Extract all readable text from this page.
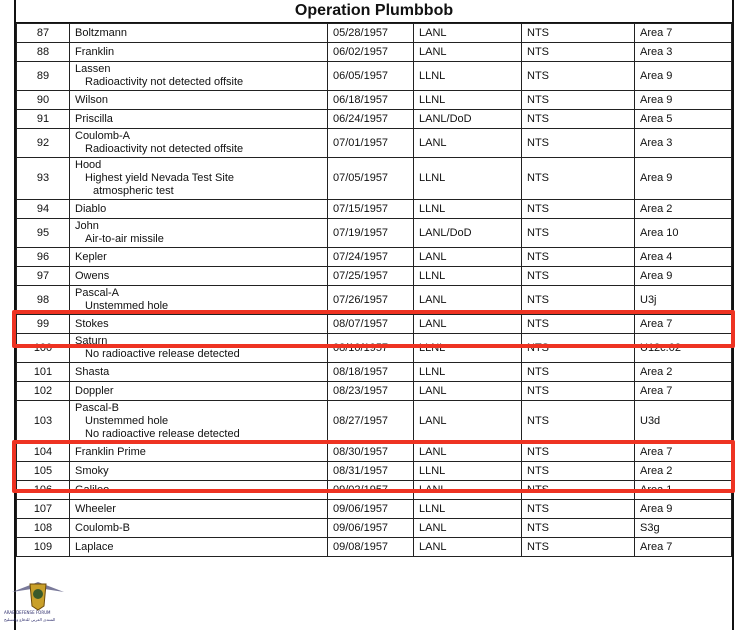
Operation Plumbbob
87	Boltzmann	05/28/1957	LANL	NTS	Area 7
88	Franklin	06/02/1957	LANL	NTS	Area 3
89	Lassen
Radioactivity not detected offsite	06/05/1957	LLNL	NTS	Area 9
90	Wilson	06/18/1957	LLNL	NTS	Area 9
91	Priscilla	06/24/1957	LANL/DoD	NTS	Area 5
92	Coulomb-A
Radioactivity not detected offsite	07/01/1957	LANL	NTS	Area 3
93	Hood
Highest yield Nevada Test Site
atmospheric test	07/05/1957	LLNL	NTS	Area 9
94	Diablo	07/15/1957	LLNL	NTS	Area 2
95	John
Air-to-air missile	07/19/1957	LANL/DoD	NTS	Area 10
96	Kepler	07/24/1957	LANL	NTS	Area 4
97	Owens	07/25/1957	LLNL	NTS	Area 9
98	Pascal-A
Unstemmed hole	07/26/1957	LANL	NTS	U3j
99	Stokes	08/07/1957	LANL	NTS	Area 7
100	Saturn
No radioactive release detected	08/10/1957	LLNL	NTS	U12c.02
101	Shasta	08/18/1957	LLNL	NTS	Area 2
102	Doppler	08/23/1957	LANL	NTS	Area 7
103	Pascal-B
Unstemmed hole
No radioactive release detected	08/27/1957	LANL	NTS	U3d
104	Franklin Prime	08/30/1957	LANL	NTS	Area 7
105	Smoky	08/31/1957	LLNL	NTS	Area 2
106	Galileo	09/02/1957	LANL	NTS	Area 1
107	Wheeler	09/06/1957	LLNL	NTS	Area 9
108	Coulomb-B	09/06/1957	LANL	NTS	S3g
109	Laplace	09/08/1957	LANL	NTS	Area 7
ARAB DEFENSE FORUM
المنتدى العربي للدفاع والتسليح
